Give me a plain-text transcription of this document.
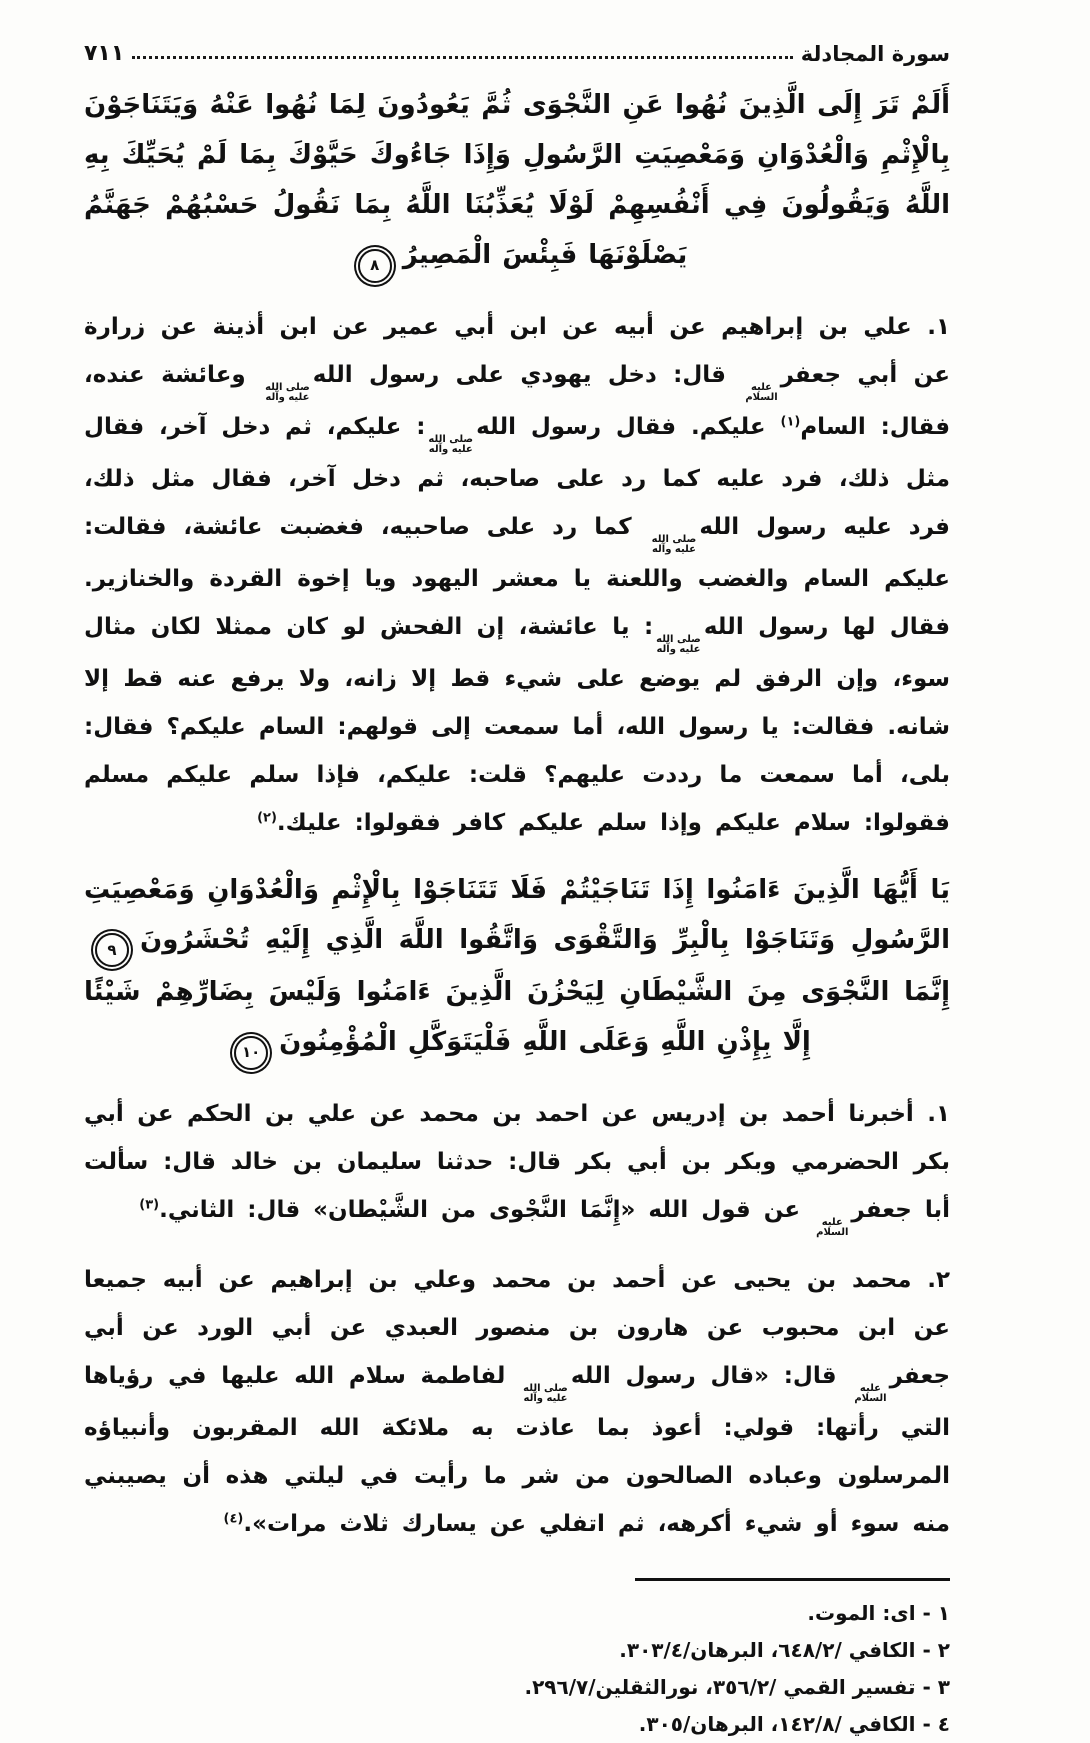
سورة المجادلة
٧١١
أَلَمْ تَرَ إِلَى الَّذِينَ نُهُوا عَنِ النَّجْوَى ثُمَّ يَعُودُونَ لِمَا نُهُوا عَنْهُ وَيَتَنَاجَوْنَ بِالْإِثْمِ وَالْعُدْوَانِ وَمَعْصِيَتِ الرَّسُولِ وَإِذَا جَاءُوكَ حَيَّوْكَ بِمَا لَمْ يُحَيِّكَ بِهِ اللَّهُ وَيَقُولُونَ فِي أَنْفُسِهِمْ لَوْلَا يُعَذِّبُنَا اللَّهُ بِمَا نَقُولُ حَسْبُهُمْ جَهَنَّمُ يَصْلَوْنَهَا فَبِئْسَ الْمَصِيرُ٨
١. علي بن إبراهيم عن أبيه عن ابن أبي عمير عن ابن أذينة عن زرارة عن أبي جعفر
عليه
السلام
قال: دخل يهودي على رسول الله
صلى الله
عليه وآله
وعائشة عنده، فقال: السام$^{(١)}$ عليكم. فقال رسول الله
صلى الله
عليه وآله
: عليكم، ثم دخل آخر، فقال مثل ذلك، فرد عليه كما رد على صاحبه، ثم دخل آخر، فقال مثل ذلك، فرد عليه رسول الله
صلى الله
عليه وآله
كما رد على صاحبيه، فغضبت عائشة، فقالت: عليكم السام والغضب واللعنة يا معشر اليهود ويا إخوة القردة والخنازير. فقال لها رسول الله
صلى الله
عليه وآله
: يا عائشة، إن الفحش لو كان ممثلا لكان مثال سوء، وإن الرفق لم يوضع على شيء قط إلا زانه، ولا يرفع عنه قط إلا شانه. فقالت: يا رسول الله، أما سمعت إلى قولهم: السام عليكم؟ فقال: بلى، أما سمعت ما رددت عليهم؟ قلت: عليكم، فإذا سلم عليكم مسلم فقولوا: سلام عليكم وإذا سلم عليكم كافر فقولوا: عليك.$^{(٢)}$
يَا أَيُّهَا الَّذِينَ ءَامَنُوا إِذَا تَنَاجَيْتُمْ فَلَا تَتَنَاجَوْا بِالْإِثْمِ وَالْعُدْوَانِ وَمَعْصِيَتِ الرَّسُولِ وَتَنَاجَوْا بِالْبِرِّ وَالتَّقْوَى وَاتَّقُوا اللَّهَ الَّذِي إِلَيْهِ تُحْشَرُونَ٩إِنَّمَا النَّجْوَى مِنَ الشَّيْطَانِ لِيَحْزُنَ الَّذِينَ ءَامَنُوا وَلَيْسَ بِضَارِّهِمْ شَيْئًا إِلَّا بِإِذْنِ اللَّهِ وَعَلَى اللَّهِ فَلْيَتَوَكَّلِ الْمُؤْمِنُونَ١٠
١. أخبرنا أحمد بن إدريس عن احمد بن محمد عن علي بن الحكم عن أبي بكر الحضرمي وبكر بن أبي بكر قال: حدثنا سليمان بن خالد قال: سألت أبا جعفر
عليه
السلام
عن قول الله «إِنَّمَا النَّجْوى من الشَّيْطان» قال: الثاني.$^{(٣)}$
٢. محمد بن يحيى عن أحمد بن محمد وعلي بن إبراهيم عن أبيه جميعا عن ابن محبوب عن هارون بن منصور العبدي عن أبي الورد عن أبي جعفر
عليه
السلام
قال: «قال رسول الله
صلى الله
عليه وآله
لفاطمة سلام الله عليها في رؤياها التي رأتها: قولي: أعوذ بما عاذت به ملائكة الله المقربون وأنبياؤه المرسلون وعباده الصالحون من شر ما رأيت في ليلتي هذه أن يصيبني منه سوء أو شيء أكرهه، ثم اتفلي عن يسارك ثلاث مرات».$^{(٤)}$
١ - اى: الموت.
٢ - الكافي /٦٤٨/٢، البرهان/٣٠٣/٤.
٣ - تفسير القمي /٣٥٦/٢، نورالثقلين/٢٩٦/٧.
٤ - الكافي /١٤٢/٨، البرهان/٣٠٥.
